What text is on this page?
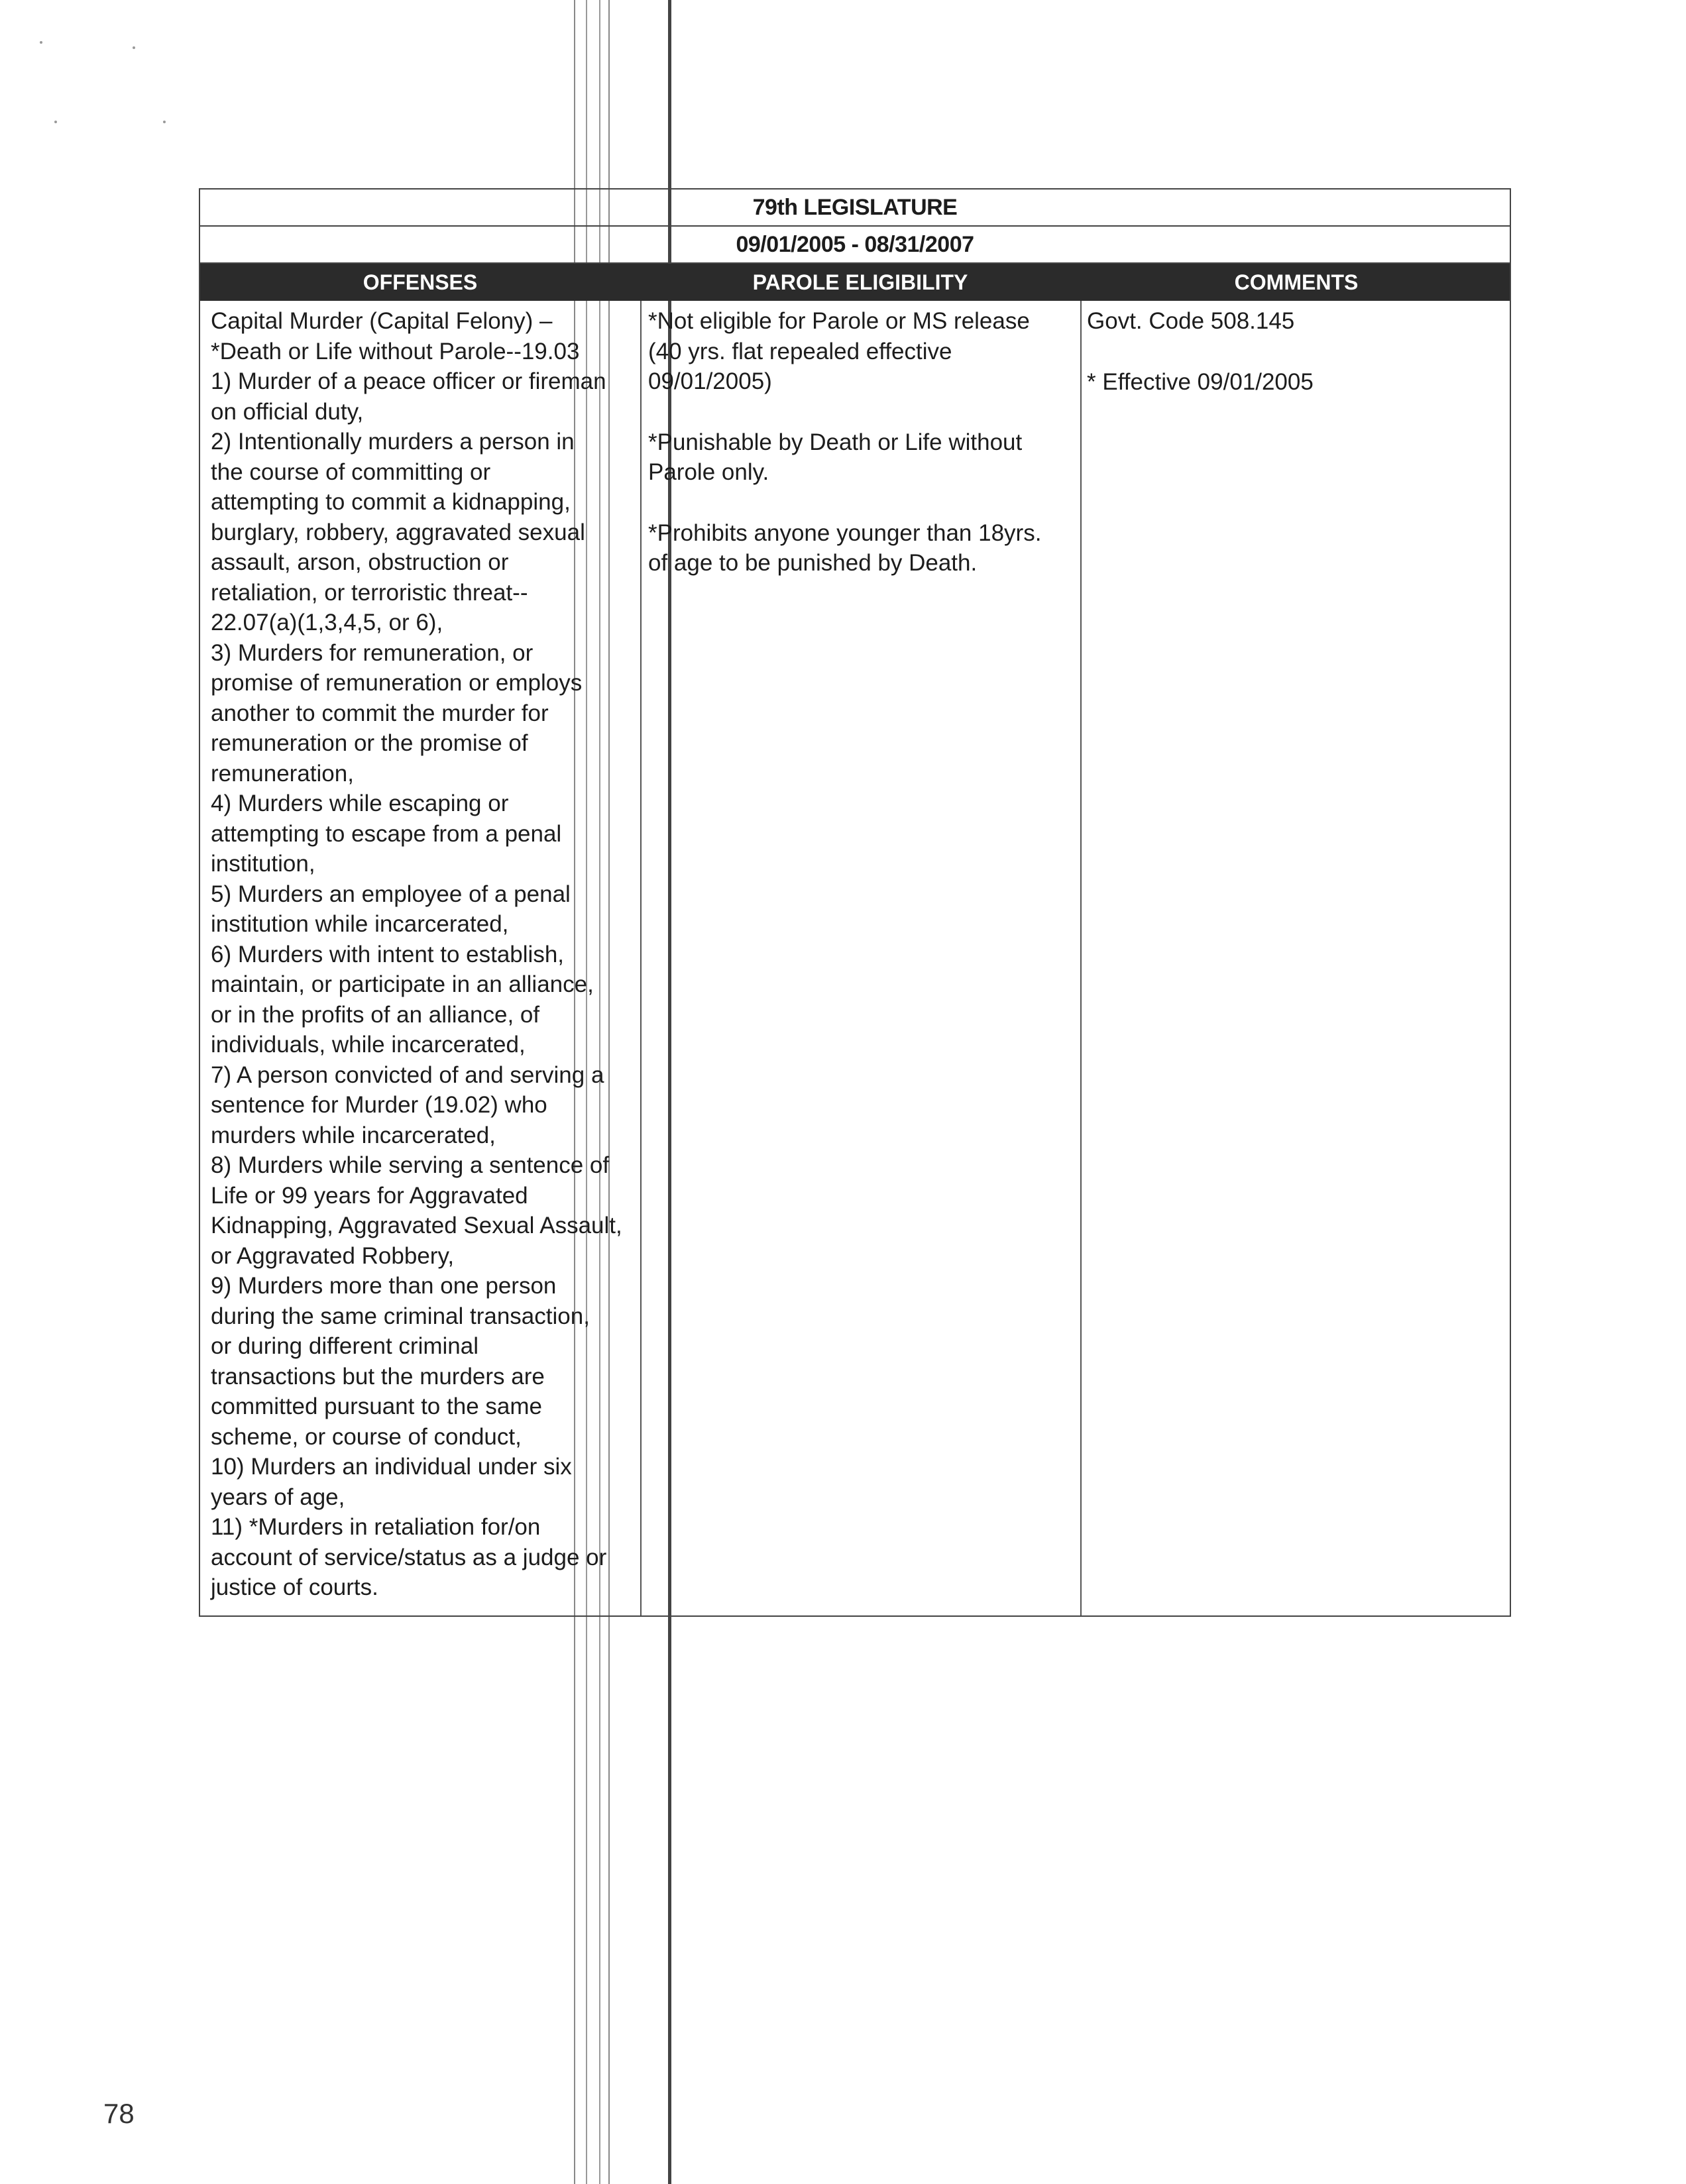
79th LEGISLATURE
09/01/2005 - 08/31/2007
OFFENSES	PAROLE ELIGIBILITY	COMMENTS
Capital Murder (Capital Felony) –
*Death or Life without Parole--19.03
1) Murder of a peace officer or fireman
on official duty,
2) Intentionally murders a person in
the course of committing or
attempting to commit a kidnapping,
burglary, robbery, aggravated sexual
assault, arson, obstruction or
retaliation, or terroristic threat--
22.07(a)(1,3,4,5, or 6),
3) Murders for remuneration, or
promise of remuneration or employs
another to commit the murder for
remuneration or the promise of
remuneration,
4) Murders while escaping or
attempting to escape from a penal
institution,
5) Murders an employee of a penal
institution while incarcerated,
6) Murders with intent to establish,
maintain, or participate in an alliance,
or in the profits of an alliance, of
individuals, while incarcerated,
7) A person convicted of and serving a
sentence for Murder (19.02) who
murders while incarcerated,
8) Murders while serving a sentence of
Life or 99 years for Aggravated
Kidnapping, Aggravated Sexual Assault,
or Aggravated Robbery,
9) Murders more than one person
during the same criminal transaction,
or during different criminal
transactions but the murders are
committed pursuant to the same
scheme, or course of conduct,
10) Murders an individual under six
years of age,
11) *Murders in retaliation for/on
account of service/status as a judge or
justice of courts.
*Not eligible for Parole or MS release
(40 yrs. flat repealed effective
09/01/2005)
*Punishable by Death or Life without
Parole only.
*Prohibits anyone younger than 18yrs.
of age to be punished by Death.
Govt. Code 508.145
* Effective 09/01/2005
78
